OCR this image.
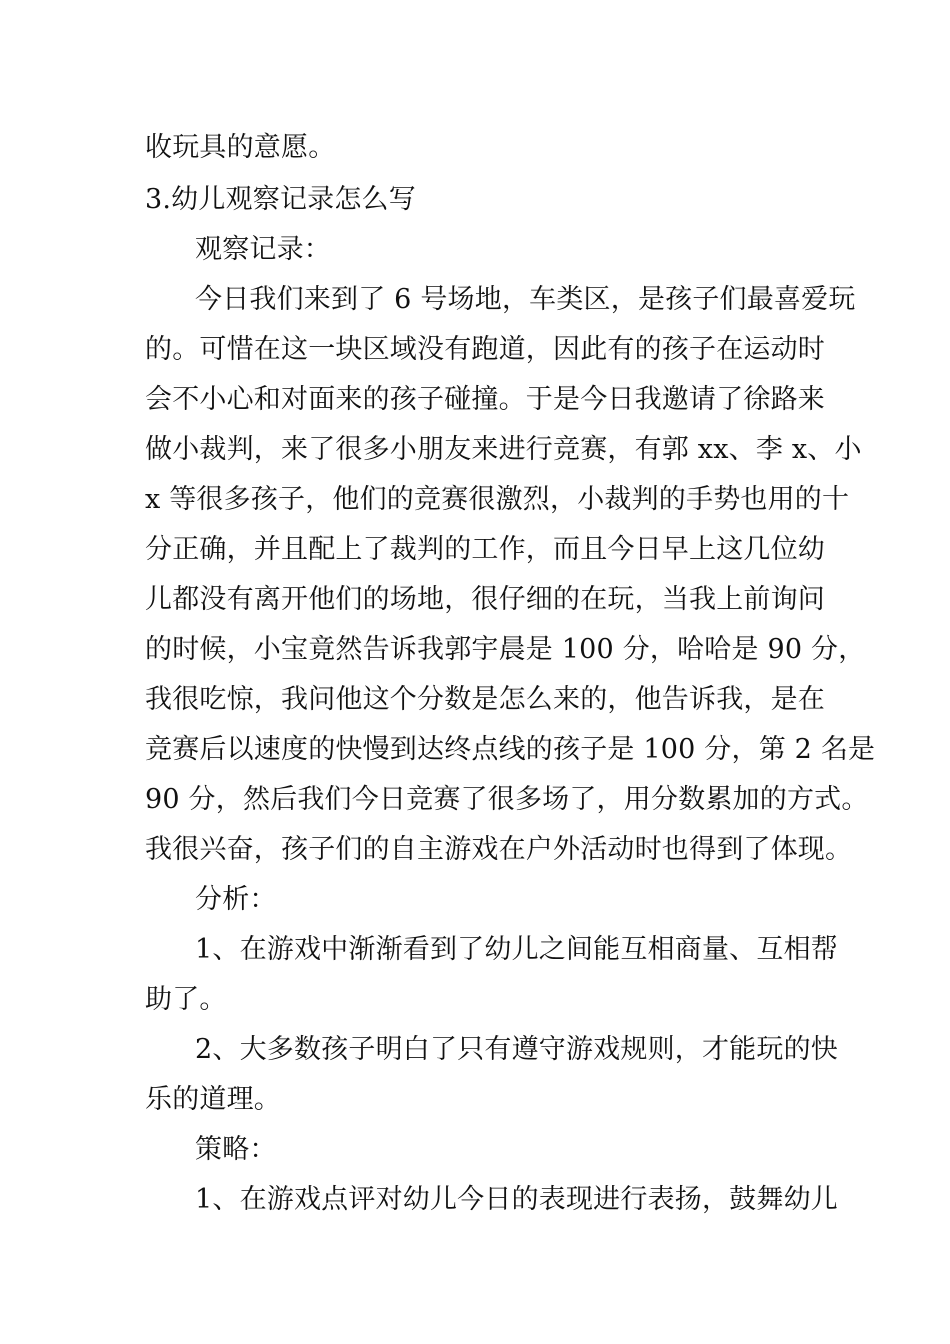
收玩具的意愿。
3.幼儿观察记录怎么写
观察记录：
今日我们来到了 6 号场地，车类区，是孩子们最喜爱玩
的。可惜在这一块区域没有跑道，因此有的孩子在运动时
会不小心和对面来的孩子碰撞。于是今日我邀请了徐路来
做小裁判，来了很多小朋友来进行竞赛，有郭 xx、李 x、小
x 等很多孩子，他们的竞赛很激烈，小裁判的手势也用的十
分正确，并且配上了裁判的工作，而且今日早上这几位幼
儿都没有离开他们的场地，很仔细的在玩，当我上前询问
的时候，小宝竟然告诉我郭宇晨是 100 分，哈哈是 90 分，
我很吃惊，我问他这个分数是怎么来的，他告诉我，是在
竞赛后以速度的快慢到达终点线的孩子是 100 分，第 2 名是
90 分，然后我们今日竞赛了很多场了，用分数累加的方式。
我很兴奋，孩子们的自主游戏在户外活动时也得到了体现。
分析：
1、在游戏中渐渐看到了幼儿之间能互相商量、互相帮
助了。
2、大多数孩子明白了只有遵守游戏规则，才能玩的快
乐的道理。
策略：
1、在游戏点评对幼儿今日的表现进行表扬，鼓舞幼儿
